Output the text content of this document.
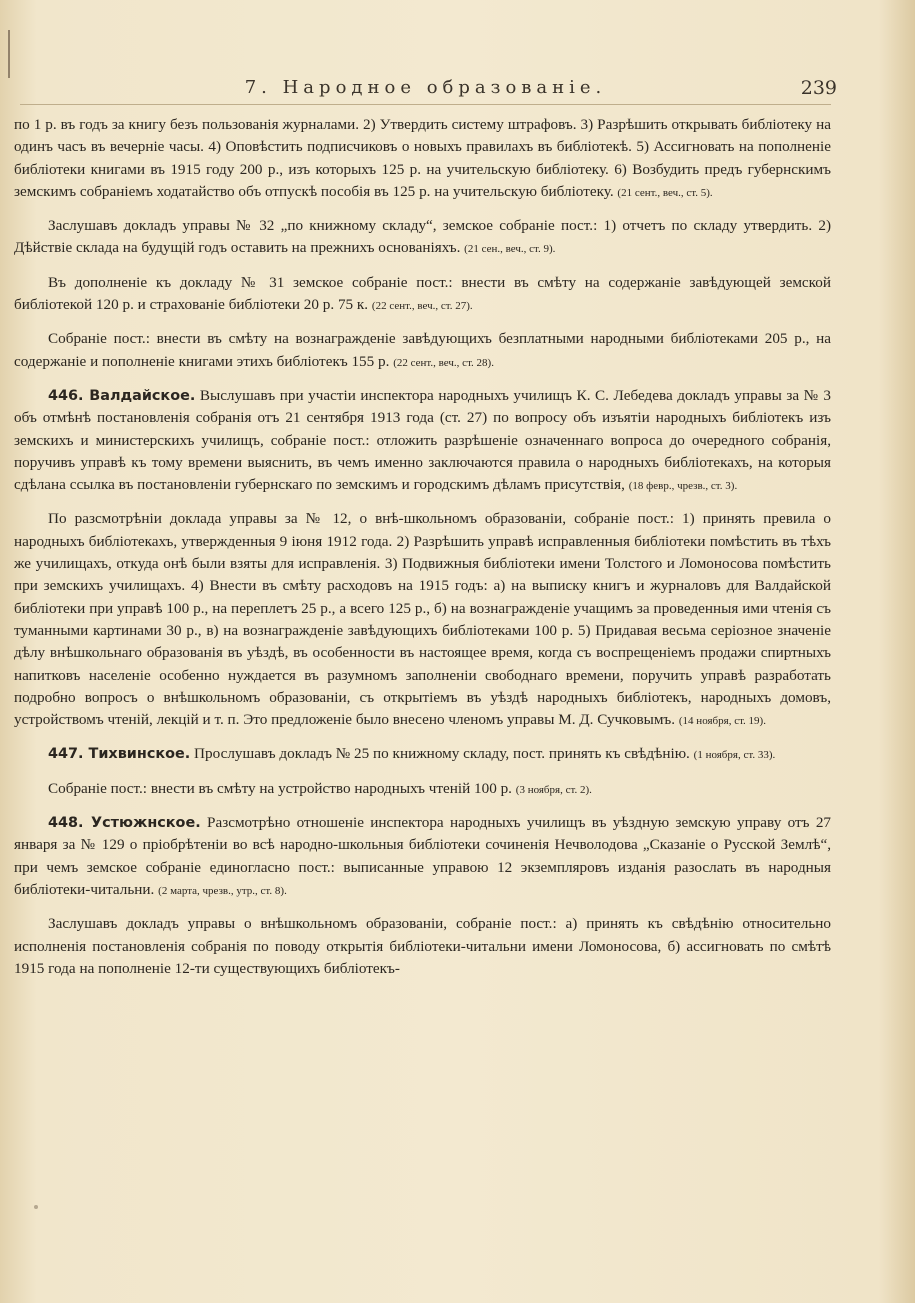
7. Народное образованіе.	239

по 1 р. въ годъ за книгу безъ пользованія журналами. 2) Утвердить систему штрафовъ. 3) Разрѣшить открывать библіотеку на одинъ часъ въ вечерніе часы. 4) Оповѣстить подписчиковъ о новыхъ правилахъ въ библіотекѣ. 5) Ассигновать на пополненіе библіотеки книгами въ 1915 году 200 р., изъ которыхъ 125 р. на учительскую библіотеку. 6) Возбудить предъ губернскимъ земскимъ собраніемъ ходатайство объ отпускѣ пособія въ 125 р. на учительскую библіотеку. (21 сент., веч., ст. 5).

Заслушавъ докладъ управы № 32 „по книжному складу“, земское собраніе пост.: 1) отчетъ по складу утвердить. 2) Дѣйствіе склада на будущій годъ оставить на прежнихъ основаніяхъ. (21 сен., веч., ст. 9).

Въ дополненіе къ докладу № 31 земское собраніе пост.: внести въ смѣту на содержаніе завѣдующей земской библіотекой 120 р. и страхованіе библіотеки 20 р. 75 к. (22 сент., веч., ст. 27).

Собраніе пост.: внести въ смѣту на вознагражденіе завѣдующихъ безплатными народными библіотеками 205 р., на содержаніе и пополненіе книгами этихъ библіотекъ 155 р. (22 сент., веч., ст. 28).

446. Валдайское. Выслушавъ при участіи инспектора народныхъ училищъ К. С. Лебедева докладъ управы за № 3 объ отмѣнѣ постановленія собранія отъ 21 сентября 1913 года (ст. 27) по вопросу объ изъятіи народныхъ библіотекъ изъ земскихъ и министерскихъ училищъ, собраніе пост.: отложить разрѣшеніе означеннаго вопроса до очередного собранія, поручивъ управѣ къ тому времени выяснить, въ чемъ именно заключаются правила о народныхъ библіотекахъ, на которыя сдѣлана ссылка въ постановленіи губернскаго по земскимъ и городскимъ дѣламъ присутствія, (18 февр., чрезв., ст. 3).

По разсмотрѣніи доклада управы за № 12, о внѣ-школьномъ образованіи, собраніе пост.: 1) принять превила о народныхъ библіотекахъ, утвержденныя 9 іюня 1912 года. 2) Разрѣшить управѣ исправленныя библіотеки помѣстить въ тѣхъ же училищахъ, откуда онѣ были взяты для исправленія. 3) Подвижныя библіотеки имени Толстого и Ломоносова помѣстить при земскихъ училищахъ. 4) Внести въ смѣту расходовъ на 1915 годъ: а) на выписку книгъ и журналовъ для Валдайской библіотеки при управѣ 100 р., на переплетъ 25 р., а всего 125 р., б) на вознагражденіе учащимъ за проведенныя ими чтенія съ туманными картинами 30 р., в) на вознагражденіе завѣдующихъ библіотеками 100 р. 5) Придавая весьма серіозное значеніе дѣлу внѣшкольнаго образованія въ уѣздѣ, въ особенности въ настоящее время, когда съ воспрещеніемъ продажи спиртныхъ напитковъ населеніе особенно нуждается въ разумномъ заполненіи свободнаго времени, поручить управѣ разработать подробно вопросъ о внѣшкольномъ образованіи, съ открытіемъ въ уѣздѣ народныхъ библіотекъ, народныхъ домовъ, устройствомъ чтеній, лекцій и т. п. Это предложеніе было внесено членомъ управы М. Д. Сучковымъ. (14 ноября, ст. 19).

447. Тихвинское. Прослушавъ докладъ № 25 по книжному складу, пост. принять къ свѣдѣнію. (1 ноября, ст. 33).

Собраніе пост.: внести въ смѣту на устройство народныхъ чтеній 100 р. (3 ноября, ст. 2).

448. Устюжнское. Разсмотрѣно отношеніе инспектора народныхъ училищъ въ уѣздную земскую управу отъ 27 января за № 129 о пріобрѣтеніи во всѣ народно-школьныя библіотеки сочиненія Нечволодова „Сказаніе о Русской Землѣ“, при чемъ земское собраніе единогласно пост.: выписанные управою 12 экземпляровъ изданія разослать въ народныя библіотеки-читальни. (2 марта, чрезв., утр., ст. 8).

Заслушавъ докладъ управы о внѣшкольномъ образованіи, собраніе пост.: а) принять къ свѣдѣнію относительно исполненія постановленія собранія по поводу открытія библіотеки-читальни имени Ломоносова, б) ассигновать по смѣтѣ 1915 года на пополненіе 12-ти существующихъ библіотекъ-
